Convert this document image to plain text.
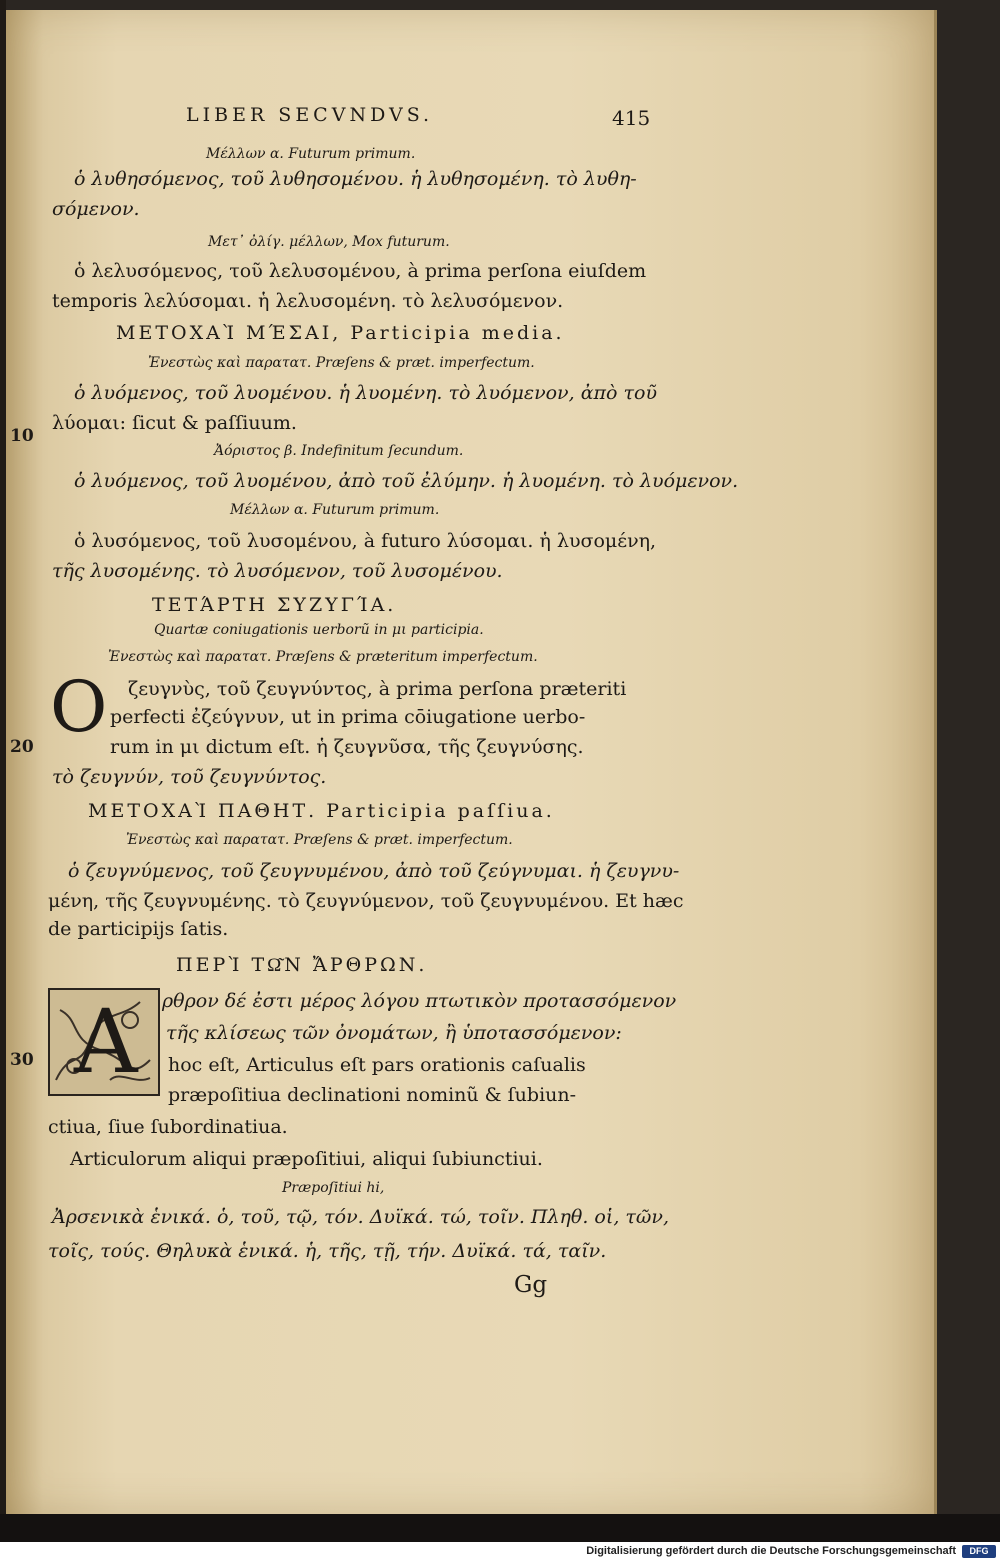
LIBER SECVNDVS.	415
10
20
30
Μέλλων α. Futurum primum.
ὁ λυθησόμενος, τοῦ λυθησομένου. ἡ λυθησομένη. τὸ λυθη-
σόμενον.
Μετ᾽ ὀλίγ. μέλλων, Mox futurum.
ὁ λελυσόμενος, τοῦ λελυσομένου, à prima perſona eiuſdem
temporis λελύσομαι. ἡ λελυσομένη. τὸ λελυσόμενον.
ΜΕΤΟΧΑῚ ΜΈΣΑΙ, Participia media.
Ἐνεστὼς καὶ παρατατ. Præſens & præt. imperfectum.
ὁ λυόμενος, τοῦ λυομένου. ἡ λυομένη. τὸ λυόμενον, ἀπὸ τοῦ
λύομαι: ſicut & paſſiuum.
Ἀόριστος β. Indefinitum ſecundum.
ὁ λυόμενος, τοῦ λυομένου, ἀπὸ τοῦ ἐλύμην. ἡ λυομένη. τὸ λυόμενον.
Μέλλων α. Futurum primum.
ὁ λυσόμενος, τοῦ λυσομένου, à futuro λύσομαι. ἡ λυσομένη,
τῆς λυσομένης. τὸ λυσόμενον, τοῦ λυσομένου.
ΤΕΤΆΡΤΗ ΣΥΖΥΓΊΑ.
Quartæ coniugationis uerborũ in μι participia.
Ἐνεστὼς καὶ παρατατ. Præſens & præteritum imperfectum.
O ζευγνὺς, τοῦ ζευγνύντος, à prima perſona præteriti
perfecti ἐζεύγνυν, ut in prima cōiugatione uerbo-
rum in μι dictum eſt. ἡ ζευγνῦσα, τῆς ζευγνύσης.
τὸ ζευγνύν, τοῦ ζευγνύντος.
ΜΕΤΟΧΑῚ ΠΑΘΗΤ. Participia paſſiua.
Ἐνεστὼς καὶ παρατατ. Præſens & præt. imperfectum.
ὁ ζευγνύμενος, τοῦ ζευγνυμένου, ἀπὸ τοῦ ζεύγνυμαι. ἡ ζευγνυ-
μένη, τῆς ζευγνυμένης. τὸ ζευγνύμενον, τοῦ ζευγνυμένου. Et hæc
de participijs ſatis.
ΠΕΡῚ ΤΩ͂Ν ἌΡΘΡΩΝ.
A ρθρον δέ ἐστι μέρος λόγου πτωτικὸν προτασσόμενον
τῆς κλίσεως τῶν ὀνομάτων, ἢ ὑποτασσόμενον:
hoc eſt, Articulus eſt pars orationis caſualis
præpoſitiua declinationi nominũ & ſubiun-
ctiua, ſiue ſubordinatiua.
Articulorum aliqui præpoſitiui, aliqui ſubiunctiui.
Præpoſitiui hi,
Ἀρσενικὰ ἑνικά. ὁ, τοῦ, τῷ, τόν. Δυϊκά. τώ, τοῖν. Πληθ. οἱ, τῶν,
τοῖς, τούς. Θηλυκὰ ἑνικά. ἡ, τῆς, τῇ, τήν. Δυϊκά. τά, ταῖν.
Gg
Digitalisierung gefördert durch die Deutsche Forschungsgemeinschaft	DFG
